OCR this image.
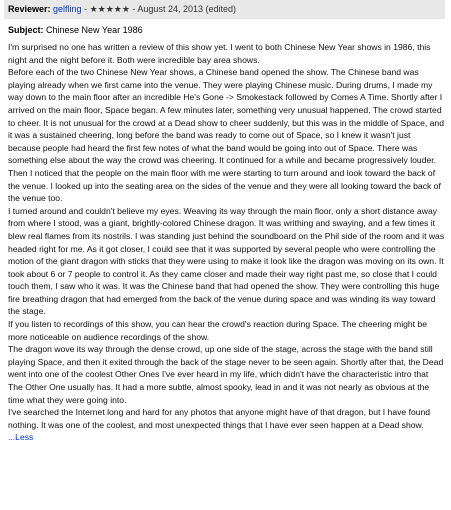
Reviewer: gelfling - ★★★★★ - August 24, 2013 (edited)
Subject: Chinese New Year 1986

I'm surprised no one has written a review of this show yet. I went to both Chinese New Year shows in 1986, this night and the night before it. Both were incredible bay area shows.

Before each of the two Chinese New Year shows, a Chinese band opened the show. The Chinese band was playing already when we first came into the venue. They were playing Chinese music. During drums, I made my way down to the main floor after an incredible He's Gone -> Smokestack followed by Comes A Time. Shortly after I arrived on the main floor, Space began. A few minutes later, something very unusual happened. The crowd started to cheer. It is not unusual for the crowd at a Dead show to cheer suddenly, but this was in the middle of Space, and it was a sustained cheering, long before the band was ready to come out of Space, so I knew it wasn't just because people had heard the first few notes of what the band would be going into out of Space. There was something else about the way the crowd was cheering. It continued for a while and became progressively louder. Then I noticed that the people on the main floor with me were starting to turn around and look toward the back of the venue. I looked up into the seating area on the sides of the venue and they were all looking toward the back of the venue too.

I turned around and couldn't believe my eyes. Weaving its way through the main floor, only a short distance away from where I stood, was a giant, brightly-colored Chinese dragon. It was writhing and swaying, and a few times it blew real flames from its nostrils. I was standing just behind the soundboard on the Phil side of the room and it was headed right for me. As it got closer, I could see that it was supported by several people who were controlling the motion of the giant dragon with sticks that they were using to make it look like the dragon was moving on its own. It took about 6 or 7 people to control it. As they came closer and made their way right past me, so close that I could touch them, I saw who it was. It was the Chinese band that had opened the show. They were controlling this huge fire breathing dragon that had emerged from the back of the venue during space and was winding its way toward the stage.

If you listen to recordings of this show, you can hear the crowd's reaction during Space. The cheering might be more noticeable on audience recordings of the show.

The dragon wove its way through the dense crowd, up one side of the stage, across the stage with the band still playing Space, and then it exited through the back of the stage never to be seen again. Shortly after that, the Dead went into one of the coolest Other Ones I've ever heard in my life, which didn't have the characteristic intro that The Other One usually has. It had a more subtle, almost spooky, lead in and it was not nearly as obvious at the time what they were going into.

I've searched the Internet long and hard for any photos that anyone might have of that dragon, but I have found nothing. It was one of the coolest, and most unexpected things that I have ever seen happen at a Dead show.

...Less
